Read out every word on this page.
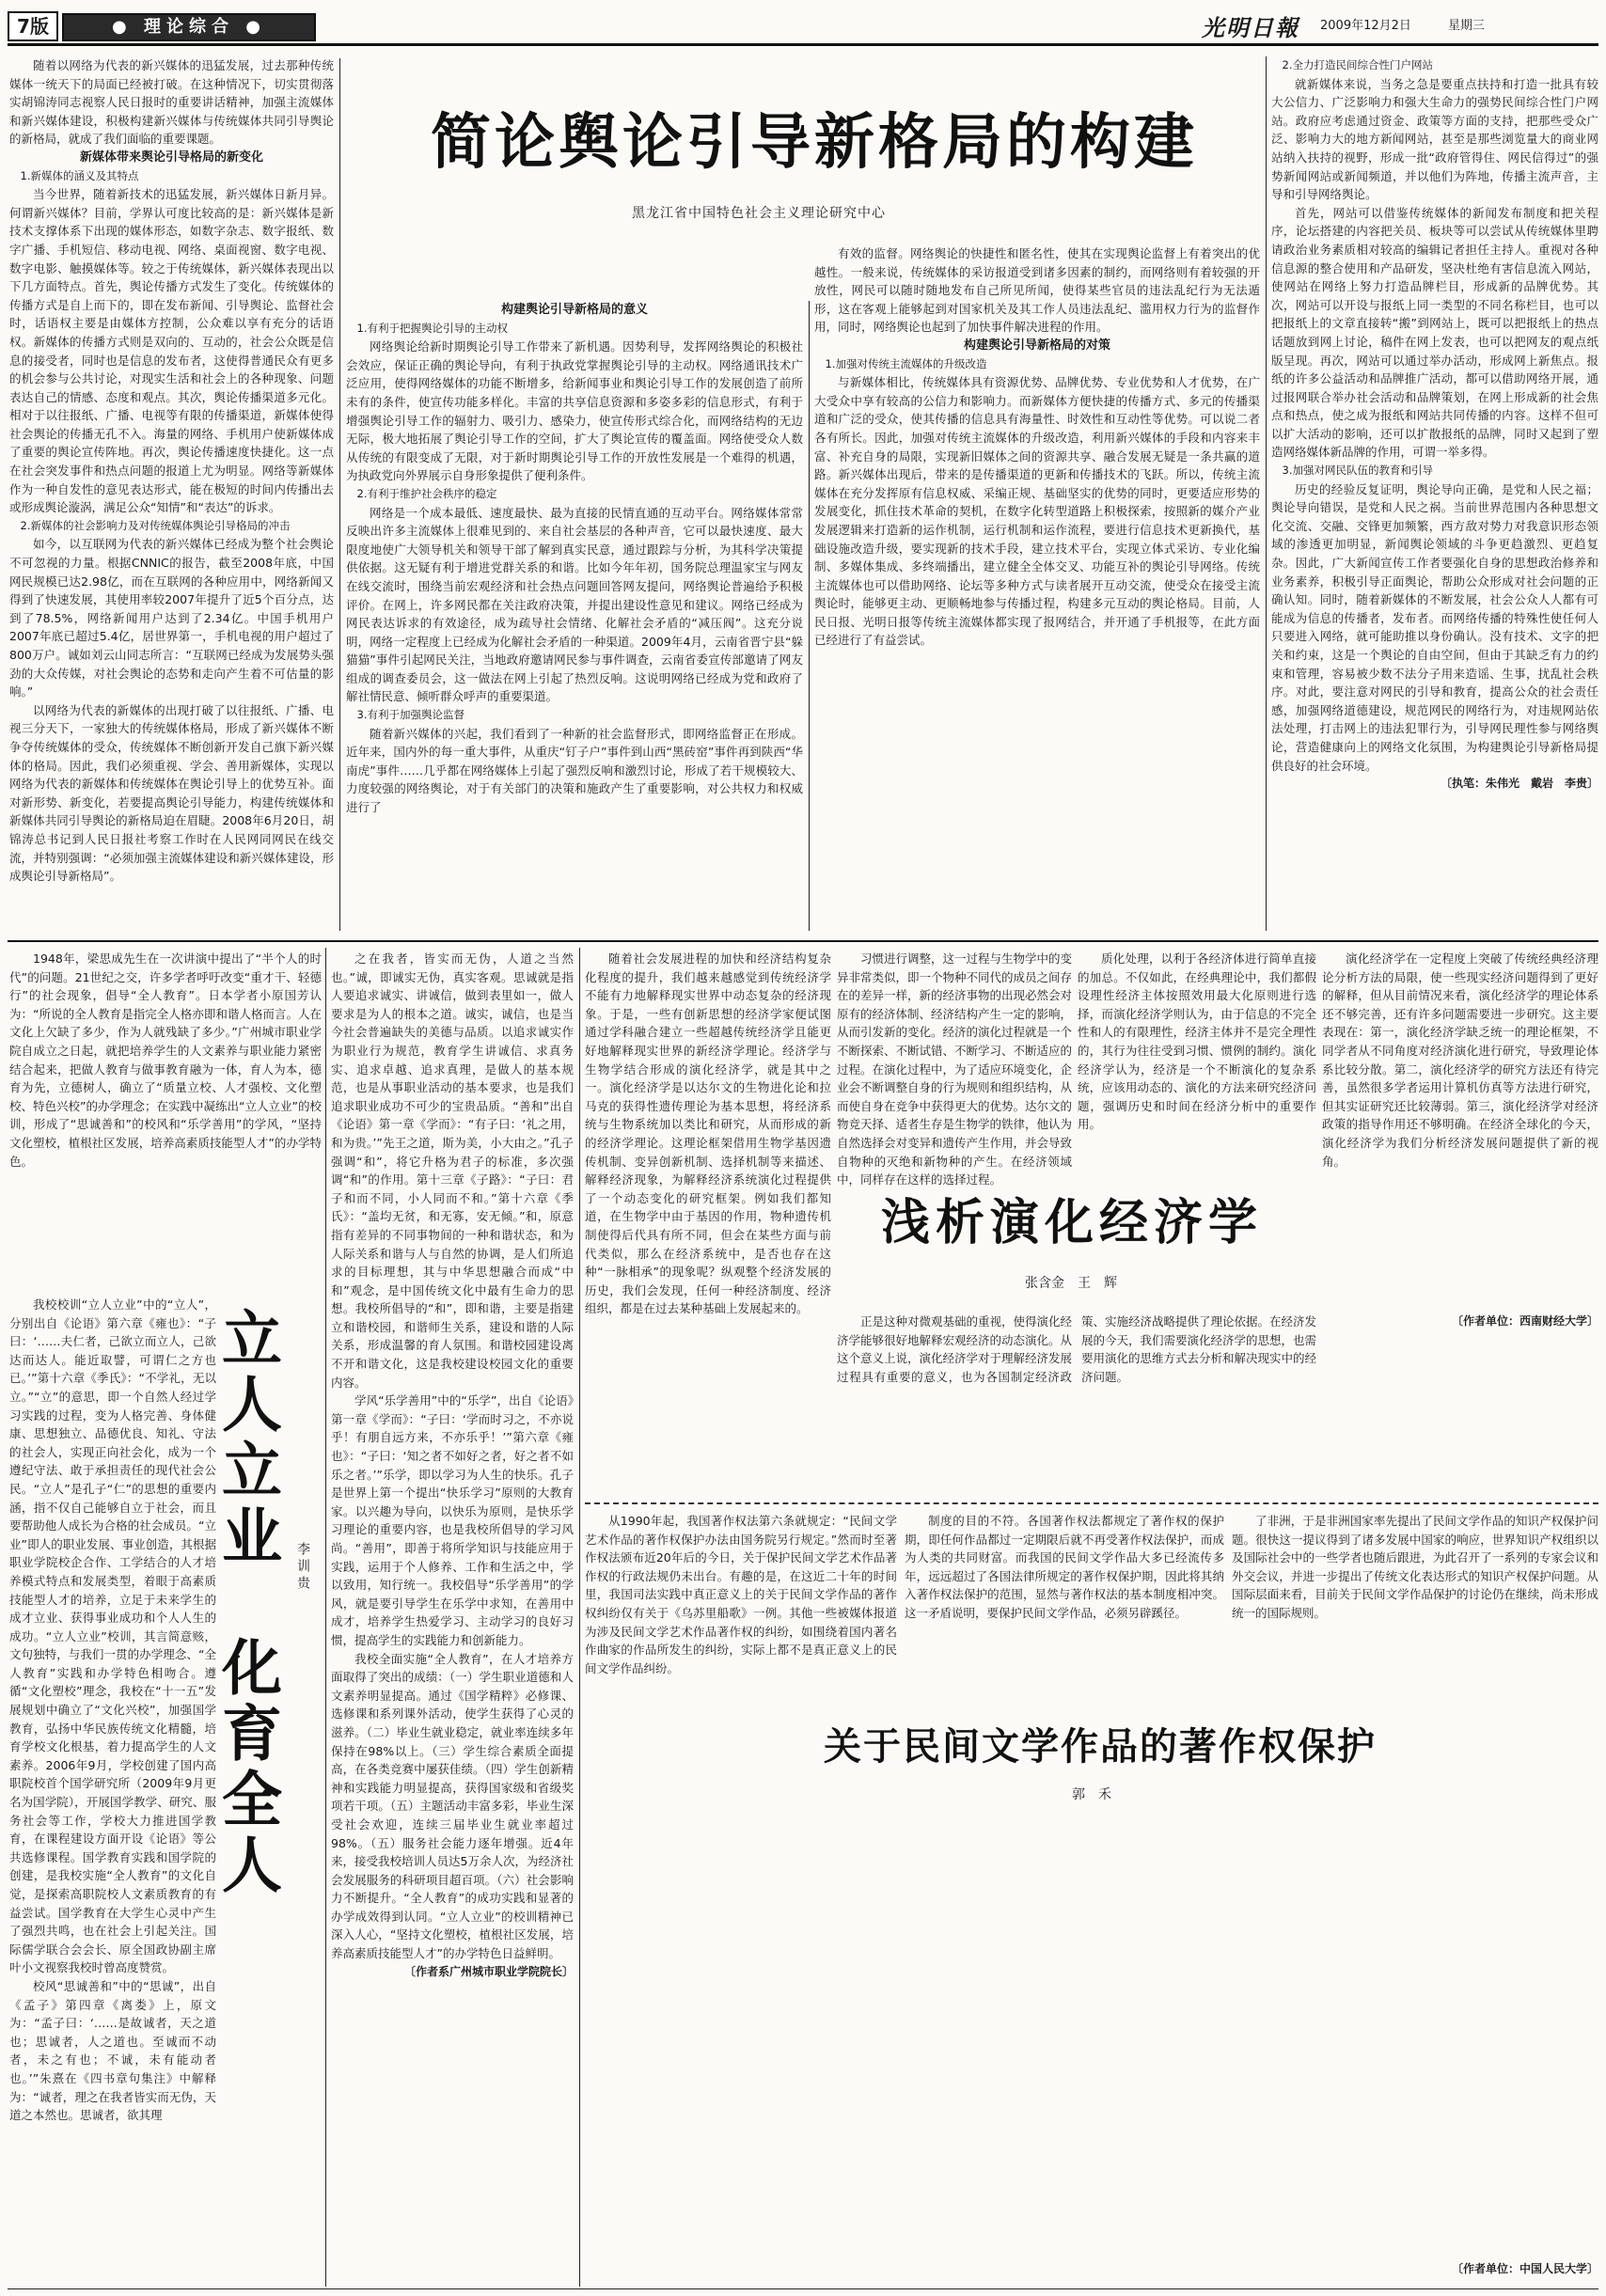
7版	● 理论综合 ●	光明日報 2009年12月2日	星期三
简论舆论引导新格局的构建
黑龙江省中国特色社会主义理论研究中心

随着以网络为代表的新兴媒体的迅猛发展，过去那种传统媒体一统天下的局面已经被打破。在这种情况下，切实贯彻落实胡锦涛同志视察人民日报时的重要讲话精神，加强主流媒体和新兴媒体建设，积极构建新兴媒体与传统媒体共同引导舆论的新格局，就成了我们面临的重要课题。

新媒体带来舆论引导格局的新变化

1.新媒体的涵义及其特点

当今世界，随着新技术的迅猛发展，新兴媒体日新月异。何谓新兴媒体？目前，学界认可度比较高的是：新兴媒体是新技术支撑体系下出现的媒体形态，如数字杂志、数字报纸、数字广播、手机短信、移动电视、网络、桌面视窗、数字电视、数字电影、触摸媒体等。较之于传统媒体，新兴媒体表现出以下几方面特点。首先，舆论传播方式发生了变化。传统媒体的传播方式是自上而下的，即在发布新闻、引导舆论、监督社会时，话语权主要是由媒体方控制，公众难以享有充分的话语权。新媒体的传播方式则是双向的、互动的，社会公众既是信息的接受者，同时也是信息的发布者，这使得普通民众有更多的机会参与公共讨论，对现实生活和社会上的各种现象、问题表达自己的情感、态度和观点。其次，舆论传播渠道多元化。相对于以往报纸、广播、电视等有限的传播渠道，新媒体使得社会舆论的传播无孔不入。海量的网络、手机用户使新媒体成了重要的舆论宣传阵地。再次，舆论传播速度快捷化。这一点在社会突发事件和热点问题的报道上尤为明显。网络等新媒体作为一种自发性的意见表达形式，能在极短的时间内传播出去或形成舆论漩涡，满足公众“知情”和“表达”的诉求。

2.新媒体的社会影响力及对传统媒体舆论引导格局的冲击

如今，以互联网为代表的新兴媒体已经成为整个社会舆论不可忽视的力量。根据CNNIC的报告，截至2008年底，中国网民规模已达2.98亿，而在互联网的各种应用中，网络新闻又得到了快速发展，其使用率较2007年提升了近5个百分点，达到了78.5%，网络新闻用户达到了2.34亿。中国手机用户2007年底已超过5.4亿，居世界第一，手机电视的用户超过了800万户。诚如刘云山同志所言：“互联网已经成为发展势头强劲的大众传媒，对社会舆论的态势和走向产生着不可估量的影响。”

以网络为代表的新媒体的出现打破了以往报纸、广播、电视三分天下，一家独大的传统媒体格局，形成了新兴媒体不断争夺传统媒体的受众，传统媒体不断创新开发自己旗下新兴媒体的格局。因此，我们必须重视、学会、善用新媒体，实现以网络为代表的新媒体和传统媒体在舆论引导上的优势互补。面对新形势、新变化，若要提高舆论引导能力，构建传统媒体和新媒体共同引导舆论的新格局迫在眉睫。2008年6月20日，胡锦涛总书记到人民日报社考察工作时在人民网同网民在线交流，并特别强调：“必须加强主流媒体建设和新兴媒体建设，形成舆论引导新格局”。

构建舆论引导新格局的意义

1.有利于把握舆论引导的主动权

网络舆论给新时期舆论引导工作带来了新机遇。因势利导，发挥网络舆论的积极社会效应，保证正确的舆论导向，有利于执政党掌握舆论引导的主动权。网络通讯技术广泛应用，使得网络媒体的功能不断增多，给新闻事业和舆论引导工作的发展创造了前所未有的条件，使宣传功能多样化。丰富的共享信息资源和多姿多彩的信息形式，有利于增强舆论引导工作的辐射力、吸引力、感染力，使宣传形式综合化，而网络结构的无边无际，极大地拓展了舆论引导工作的空间，扩大了舆论宣传的覆盖面。网络使受众人数从传统的有限变成了无限，对于新时期舆论引导工作的开放性发展是一个难得的机遇，为执政党向外界展示自身形象提供了便利条件。

2.有利于维护社会秩序的稳定

网络是一个成本最低、速度最快、最为直接的民情直通的互动平台。网络媒体常常反映出许多主流媒体上很难见到的、来自社会基层的各种声音，它可以最快速度、最大限度地使广大领导机关和领导干部了解到真实民意，通过跟踪与分析，为其科学决策提供依据。这无疑有利于增进党群关系的和谐。比如今年年初，国务院总理温家宝与网友在线交流时，围绕当前宏观经济和社会热点问题回答网友提问，网络舆论普遍给予积极评价。在网上，许多网民都在关注政府决策，并提出建设性意见和建议。网络已经成为网民表达诉求的有效途径，成为疏导社会情绪、化解社会矛盾的“减压阀”。这充分说明，网络一定程度上已经成为化解社会矛盾的一种渠道。2009年4月，云南省晋宁县“躲猫猫”事件引起网民关注，当地政府邀请网民参与事件调查，云南省委宣传部邀请了网友组成的调查委员会，这一做法在网上引起了热烈反响。这说明网络已经成为党和政府了解社情民意、倾听群众呼声的重要渠道。

3.有利于加强舆论监督

随着新兴媒体的兴起，我们看到了一种新的社会监督形式，即网络监督正在形成。近年来，国内外的每一重大事件，从重庆“钉子户”事件到山西“黑砖窑”事件再到陕西“华南虎”事件……几乎都在网络媒体上引起了强烈反响和激烈讨论，形成了若干规模较大、力度较强的网络舆论，对于有关部门的决策和施政产生了重要影响，对公共权力和权威进行了

有效的监督。网络舆论的快捷性和匿名性，使其在实现舆论监督上有着突出的优越性。一般来说，传统媒体的采访报道受到诸多因素的制约，而网络则有着较强的开放性，网民可以随时随地发布自己所见所闻，使得某些官员的违法乱纪行为无法遁形，这在客观上能够起到对国家机关及其工作人员违法乱纪、滥用权力行为的监督作用，同时，网络舆论也起到了加快事件解决进程的作用。

构建舆论引导新格局的对策

1.加强对传统主流媒体的升级改造

与新媒体相比，传统媒体具有资源优势、品牌优势、专业优势和人才优势，在广大受众中享有较高的公信力和影响力。而新媒体方便快捷的传播方式、多元的传播渠道和广泛的受众，使其传播的信息具有海量性、时效性和互动性等优势。可以说二者各有所长。因此，加强对传统主流媒体的升级改造，利用新兴媒体的手段和内容来丰富、补充自身的局限，实现新旧媒体之间的资源共享、融合发展无疑是一条共赢的道路。新兴媒体出现后，带来的是传播渠道的更新和传播技术的飞跃。所以，传统主流媒体在充分发挥原有信息权威、采编正规、基础坚实的优势的同时，更要适应形势的发展变化，抓住技术革命的契机，在数字化转型道路上积极探索，按照新的媒介产业发展逻辑来打造新的运作机制，运行机制和运作流程，要进行信息技术更新换代，基础设施改造升级，要实现新的技术手段，建立技术平台，实现立体式采访、专业化编制、多媒体集成、多终端播出，建立健全全体交叉、功能互补的舆论引导网络。传统主流媒体也可以借助网络、论坛等多种方式与读者展开互动交流，使受众在接受主流舆论时，能够更主动、更顺畅地参与传播过程，构建多元互动的舆论格局。目前，人民日报、光明日报等传统主流媒体都实现了报网结合，并开通了手机报等，在此方面已经进行了有益尝试。

2.全力打造民间综合性门户网站

就新媒体来说，当务之急是要重点扶持和打造一批具有较大公信力、广泛影响力和强大生命力的强势民间综合性门户网站。政府应考虑通过资金、政策等方面的支持，把那些受众广泛、影响力大的地方新闻网站，甚至是那些浏览量大的商业网站纳入扶持的视野，形成一批“政府管得住、网民信得过”的强势新闻网站或新闻频道，并以他们为阵地，传播主流声音，主导和引导网络舆论。

首先，网站可以借鉴传统媒体的新闻发布制度和把关程序，论坛搭建的内容把关员、板块等可以尝试从传统媒体里聘请政治业务素质相对较高的编辑记者担任主持人。重视对各种信息源的整合使用和产品研发，坚决杜绝有害信息流入网站，使网站在网络上努力打造品牌栏目，形成新的品牌优势。其次，网站可以开设与报纸上同一类型的不同名称栏目，也可以把报纸上的文章直接转“搬”到网站上，既可以把报纸上的热点话题放到网上讨论，稿件在网上发表，也可以把网友的观点纸版呈现。再次，网站可以通过举办活动，形成网上新焦点。报纸的许多公益活动和品牌推广活动，都可以借助网络开展，通过报网联合举办社会活动和品牌策划，在网上形成新的社会焦点和热点，使之成为报纸和网站共同传播的内容。这样不但可以扩大活动的影响，还可以扩散报纸的品牌，同时又起到了塑造网络媒体新品牌的作用，可谓一举多得。

3.加强对网民队伍的教育和引导

历史的经验反复证明，舆论导向正确，是党和人民之福；舆论导向错误，是党和人民之祸。当前世界范围内各种思想文化交流、交融、交锋更加频繁，西方敌对势力对我意识形态领域的渗透更加明显，新闻舆论领域的斗争更趋激烈、更趋复杂。因此，广大新闻宣传工作者要强化自身的思想政治修养和业务素养，积极引导正面舆论，帮助公众形成对社会问题的正确认知。同时，随着新媒体的不断发展，社会公众人人都有可能成为信息的传播者，发布者。而网络传播的特殊性使任何人只要进入网络，就可能助推以身份确认。没有技术、文字的把关和约束，这是一个舆论的自由空间，但由于其缺乏有力的约束和管理，容易被少数不法分子用来造谣、生事，扰乱社会秩序。对此，要注意对网民的引导和教育，提高公众的社会责任感，加强网络道德建设，规范网民的网络行为，对违规网站依法处理，打击网上的违法犯罪行为，引导网民理性参与网络舆论，营造健康向上的网络文化氛围，为构建舆论引导新格局提供良好的社会环境。

〔执笔：朱伟光　戴岩　李贵〕

1948年，梁思成先生在一次讲演中提出了“半个人的时代”的问题。21世纪之交，许多学者呼吁改变“重才干、轻德行”的社会现象，倡导“全人教育”。日本学者小原国芳认为：“所说的全人教育是指完全人格亦即和谐人格而言。人在文化上欠缺了多少，作为人就残缺了多少。”广州城市职业学院自成立之日起，就把培养学生的人文素养与职业能力紧密结合起来，把做人教育与做事教育融为一体，育人为本，德育为先，立德树人，确立了“质量立校、人才强校、文化塑校、特色兴校”的办学理念；在实践中凝练出“立人立业”的校训，形成了“思诚善和”的校风和“乐学善用”的学风，“坚持文化塑校，植根社区发展，培养高素质技能型人才”的办学特色。

我校校训“立人立业”中的“立人”，分别出自《论语》第六章《雍也》：“子曰：‘……夫仁者，己欲立而立人，己欲达而达人。能近取譬，可谓仁之方也已。’”第十六章《季氏》：“不学礼，无以立。”“立”的意思，即一个自然人经过学习实践的过程，变为人格完善、身体健康、思想独立、品德优良、知礼、守法的社会人，实现正向社会化，成为一个遵纪守法、敢于承担责任的现代社会公民。“立人”是孔子“仁”的思想的重要内涵，指不仅自己能够自立于社会，而且要帮助他人成长为合格的社会成员。“立业”即人的职业发展、事业创造，其根据职业学院校企合作、工学结合的人才培养模式特点和发展类型，着眼于高素质技能型人才的培养，立足于未来学生的成才立业、获得事业成功和个人人生的成功。“立人立业”校训，其言简意赅，文句独特，与我们一贯的办学理念、“全人教育”实践和办学特色相吻合。遵循“文化塑校”理念，我校在“十一五”发展规划中确立了“文化兴校”，加强国学教育，弘扬中华民族传统文化精髓，培育学校文化根基，着力提高学生的人文素养。2006年9月，学校创建了国内高职院校首个国学研究所（2009年9月更名为国学院），开展国学教学、研究、服务社会等工作，学校大力推进国学教育，在课程建设方面开设《论语》等公共选修课程。国学教育实践和国学院的创建，是我校实施“全人教育”的文化自觉，是探索高职院校人文素质教育的有益尝试。国学教育在大学生心灵中产生了强烈共鸣，也在社会上引起关注。国际儒学联合会会长、原全国政协副主席叶小文视察我校时曾高度赞赏。

校风“思诚善和”中的“思诚”，出自《孟子》第四章《离娄》上，原文为：“孟子曰：‘……是故诚者，天之道也；思诚者，人之道也。至诚而不动者，未之有也；不诚，未有能动者也。’”朱熹在《四书章句集注》中解释为：“诚者，理之在我者皆实而无伪，天道之本然也。思诚者，欲其理

立人立业　化育全人	李训贵

之在我者，皆实而无伪，人道之当然也。”诚，即诚实无伪，真实客观。思诚就是指人要追求诚实、讲诚信，做到表里如一，做人要求是为人的根本之道。诚实，诚信，也是当今社会普遍缺失的美德与品质。以追求诚实作为职业行为规范，教育学生讲诚信、求真务实、追求卓越、追求真理，是做人的基本规范，也是从事职业活动的基本要求，也是我们追求职业成功不可少的宝贵品质。“善和”出自《论语》第一章《学而》：“有子曰：‘礼之用，和为贵。’”先王之道，斯为美，小大由之。”孔子强调“和”，将它升格为君子的标准，多次强调“和”的作用。第十三章《子路》：“子曰：君子和而不同，小人同而不和。”第十六章《季氏》：“盖均无贫，和无寡，安无倾。”和，原意指有差异的不同事物间的一种和谐状态，和为人际关系和谐与人与自然的协调，是人们所追求的目标理想，其与中华思想融合而成“中和”观念，是中国传统文化中最有生命力的思想。我校所倡导的“和”，即和谐，主要是指建立和谐校园，和谐师生关系，建设和谐的人际关系，形成温馨的育人氛围。和谐校园建设离不开和谐文化，这是我校建设校园文化的重要内容。

学风“乐学善用”中的“乐学”，出自《论语》第一章《学而》：“子曰：‘学而时习之，不亦说乎！有朋自远方来，不亦乐乎！’”第六章《雍也》：“子曰：‘知之者不如好之者，好之者不如乐之者。’”乐学，即以学习为人生的快乐。孔子是世界上第一个提出“快乐学习”原则的大教育家。以兴趣为导向，以快乐为原则，是快乐学习理论的重要内容，也是我校所倡导的学习风尚。“善用”，即善于将所学知识与技能应用于实践，运用于个人修养、工作和生活之中，学以致用，知行统一。我校倡导“乐学善用”的学风，就是要引导学生在乐学中求知，在善用中成才，培养学生热爱学习、主动学习的良好习惯，提高学生的实践能力和创新能力。

我校全面实施“全人教育”，在人才培养方面取得了突出的成绩：（一）学生职业道德和人文素养明显提高。通过《国学精粹》必修课、选修课和系列课外活动，使学生获得了心灵的滋养。（二）毕业生就业稳定，就业率连续多年保持在98%以上。（三）学生综合素质全面提高，在各类竞赛中屡获佳绩。（四）学生创新精神和实践能力明显提高，获得国家级和省级奖项若干项。（五）主题活动丰富多彩，毕业生深受社会欢迎，连续三届毕业生就业率超过98%。（五）服务社会能力逐年增强。近4年来，接受我校培训人员达5万余人次，为经济社会发展服务的科研项目超百项。（六）社会影响力不断提升。“全人教育”的成功实践和显著的办学成效得到认同。“立人立业”的校训精神已深入人心，“坚持文化塑校，植根社区发展，培养高素质技能型人才”的办学特色日益鲜明。

〔作者系广州城市职业学院院长〕

随着社会发展进程的加快和经济结构复杂化程度的提升，我们越来越感觉到传统经济学不能有力地解释现实世界中动态复杂的经济现象。于是，一些有创新思想的经济学家便试图通过学科融合建立一些超越传统经济学且能更好地解释现实世界的新经济学理论。经济学与生物学结合形成的演化经济学，就是其中之一。演化经济学是以达尔文的生物进化论和拉马克的获得性遗传理论为基本思想，将经济系统与生物系统加以类比和研究，从而形成的新的经济学理论。这理论框架借用生物学基因遗传机制、变异创新机制、选择机制等来描述、解释经济现象，为解释经济系统演化过程提供了一个动态变化的研究框架。例如我们都知道，在生物学中由于基因的作用，物种遗传机制使得后代具有所不同，但会在某些方面与前代类似，那么在经济系统中，是否也存在这种“一脉相承”的现象呢？纵观整个经济发展的历史，我们会发现，任何一种经济制度、经济组织，都是在过去某种基础上发展起来的。

习惯进行调整，这一过程与生物学中的变异非常类似，即一个物种不同代的成员之间存在的差异一样，新的经济事物的出现必然会对原有的经济体制、经济结构产生一定的影响，从而引发新的变化。经济的演化过程就是一个不断探索、不断试错、不断学习、不断适应的过程。在演化过程中，为了适应环境变化，企业会不断调整自身的行为规则和组织结构，从而使自身在竞争中获得更大的优势。达尔文的物竞天择、适者生存是生物学的铁律，他认为自然选择会对变异和遗传产生作用，并会导致自物种的灭绝和新物种的产生。在经济领域中，同样存在这样的选择过程。

质化处理，以利于各经济体进行简单直接的加总。不仅如此，在经典理论中，我们都假设理性经济主体按照效用最大化原则进行选择，而演化经济学则认为，由于信息的不完全性和人的有限理性，经济主体并不是完全理性的，其行为往往受到习惯、惯例的制约。演化经济学认为，经济是一个不断演化的复杂系统，应该用动态的、演化的方法来研究经济问题，强调历史和时间在经济分析中的重要作用。

演化经济学在一定程度上突破了传统经典经济理论分析方法的局限，使一些现实经济问题得到了更好的解释，但从目前情况来看，演化经济学的理论体系还不够完善，还有许多问题需要进一步研究。这主要表现在：第一，演化经济学缺乏统一的理论框架，不同学者从不同角度对经济演化进行研究，导致理论体系比较分散。第二，演化经济学的研究方法还有待完善，虽然很多学者运用计算机仿真等方法进行研究，但其实证研究还比较薄弱。第三，演化经济学对经济政策的指导作用还不够明确。在经济全球化的今天，演化经济学为我们分析经济发展问题提供了新的视角。

浅析演化经济学
张含金　王　辉

正是这种对微观基础的重视，使得演化经济学能够很好地解释宏观经济的动态演化。从这个意义上说，演化经济学对于理解经济发展过程具有重要的意义，也为各国制定经济政策、实施经济战略提供了理论依据。在经济发展的今天，我们需要演化经济学的思想，也需要用演化的思维方式去分析和解决现实中的经济问题。

〔作者单位：西南财经大学〕

从1990年起，我国著作权法第六条就规定：“民间文学艺术作品的著作权保护办法由国务院另行规定。”然而时至著作权法颁布近20年后的今日，关于保护民间文学艺术作品著作权的行政法规仍未出台。有趣的是，在这近二十年的时间里，我国司法实践中真正意义上的关于民间文学作品的著作权纠纷仅有关于《乌苏里船歌》一例。其他一些被媒体报道为涉及民间文学艺术作品著作权的纠纷，如围绕着国内著名作曲家的作品所发生的纠纷，实际上都不是真正意义上的民间文学作品纠纷。

制度的目的不符。各国著作权法都规定了著作权的保护期，即任何作品都过一定期限后就不再受著作权法保护，而成为人类的共同财富。而我国的民间文学作品大多已经流传多年，远远超过了各国法律所规定的著作权保护期，因此将其纳入著作权法保护的范围，显然与著作权法的基本制度相冲突。这一矛盾说明，要保护民间文学作品，必须另辟蹊径。

了非洲，于是非洲国家率先提出了民间文学作品的知识产权保护问题。很快这一提议得到了诸多发展中国家的响应，世界知识产权组织以及国际社会中的一些学者也随后跟进，为此召开了一系列的专家会议和外交会议，并进一步提出了传统文化表达形式的知识产权保护问题。从国际层面来看，目前关于民间文学作品保护的讨论仍在继续，尚未形成统一的国际规则。

关于民间文学作品的著作权保护
郭　禾

〔作者单位：中国人民大学〕
